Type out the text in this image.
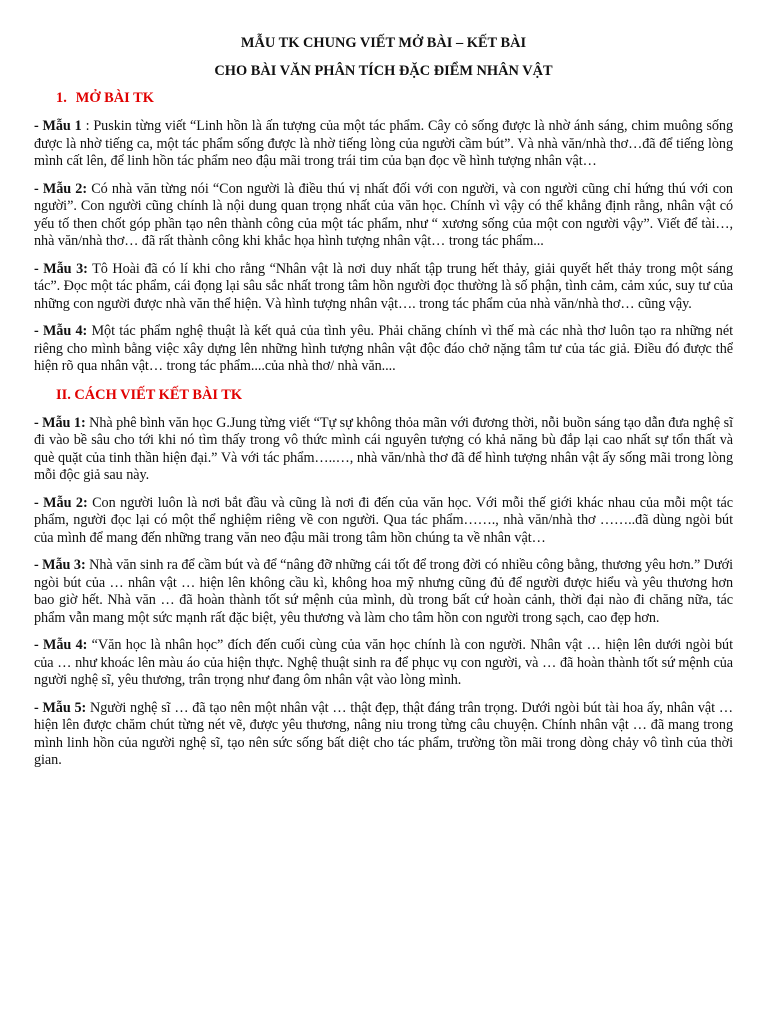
MẪU TK CHUNG VIẾT MỞ BÀI – KẾT BÀI

CHO BÀI VĂN PHÂN TÍCH ĐẶC ĐIỂM NHÂN VẬT

1. MỞ BÀI TK

- Mẫu 1 : Puskin từng viết “Linh hồn là ấn tượng của một tác phẩm. Cây cỏ sống được là nhờ ánh sáng, chim muông sống được là nhờ tiếng ca, một tác phẩm sống được là nhờ tiếng lòng của người cầm bút”. Và nhà văn/nhà thơ…đã để tiếng lòng mình cất lên, để linh hồn tác phẩm neo đậu mãi trong trái tim của bạn đọc về hình tượng nhân vật…

- Mẫu 2: Có nhà văn từng nói “Con người là điều thú vị nhất đối với con người, và con người cũng chỉ hứng thú với con người”. Con người cũng chính là nội dung quan trọng nhất của văn học. Chính vì vậy có thể khẳng định rằng, nhân vật có yếu tố then chốt góp phần tạo nên thành công của một tác phẩm, như “ xương sống của một con người vậy”. Viết để tài…, nhà văn/nhà thơ… đã rất thành công khi khắc họa hình tượng nhân vật… trong tác phẩm...

- Mẫu 3: Tô Hoài đã có lí khi cho rằng “Nhân vật là nơi duy nhất tập trung hết thảy, giải quyết hết thảy trong một sáng tác”. Đọc một tác phẩm, cái đọng lại sâu sắc nhất trong tâm hồn người đọc thường là số phận, tình cảm, cảm xúc, suy tư của những con người được nhà văn thể hiện. Và hình tượng nhân vật…. trong tác phẩm của nhà văn/nhà thơ… cũng vậy.

- Mẫu 4: Một tác phẩm nghệ thuật là kết quả của tình yêu. Phải chăng chính vì thế mà các nhà thơ luôn tạo ra những nét riêng cho mình bằng việc xây dựng lên những hình tượng nhân vật độc đáo chở nặng tâm tư của tác giả. Điều đó được thể hiện rõ qua nhân vật… trong tác phẩm....của nhà thơ/ nhà văn....

II. CÁCH VIẾT KẾT BÀI TK

- Mẫu 1: Nhà phê bình văn học G.Jung từng viết “Tự sự không thỏa mãn với đương thời, nỗi buồn sáng tạo dẫn đưa nghệ sĩ đi vào bề sâu cho tới khi nó tìm thấy trong vô thức mình cái nguyên tượng có khả năng bù đắp lại cao nhất sự tổn thất và què quặt của tinh thần hiện đại.” Và với tác phẩm…..…, nhà văn/nhà thơ đã để hình tượng nhân vật ấy sống mãi trong lòng mỗi độc giả sau này.

- Mẫu 2: Con người luôn là nơi bắt đầu và cũng là nơi đi đến của văn học. Với mỗi thế giới khác nhau của mỗi một tác phẩm, người đọc lại có một thể nghiệm riêng về con người. Qua tác phẩm……., nhà văn/nhà thơ ……..đã dùng ngòi bút của mình để mang đến những trang văn neo đậu mãi trong tâm hồn chúng ta về nhân vật…

- Mẫu 3: Nhà văn sinh ra để cầm bút và để “nâng đỡ những cái tốt để trong đời có nhiều công bằng, thương yêu hơn.” Dưới ngòi bút của … nhân vật … hiện lên không cầu kì, không hoa mỹ nhưng cũng đủ để người được hiểu và yêu thương hơn bao giờ hết. Nhà văn … đã hoàn thành tốt sứ mệnh của mình, dù trong bất cứ hoàn cảnh, thời đại nào đi chăng nữa, tác phẩm vẫn mang một sức mạnh rất đặc biệt, yêu thương và làm cho tâm hồn con người trong sạch, cao đẹp hơn.

- Mẫu 4: “Văn học là nhân học” đích đến cuối cùng của văn học chính là con người. Nhân vật … hiện lên dưới ngòi bút của … như khoác lên màu áo của hiện thực. Nghệ thuật sinh ra để phục vụ con người, và … đã hoàn thành tốt sứ mệnh của người nghệ sĩ, yêu thương, trân trọng như đang ôm nhân vật vào lòng mình.

- Mẫu 5: Người nghệ sĩ … đã tạo nên một nhân vật … thật đẹp, thật đáng trân trọng. Dưới ngòi bút tài hoa ấy, nhân vật … hiện lên được chăm chút từng nét vẽ, được yêu thương, nâng niu trong từng câu chuyện. Chính nhân vật … đã mang trong mình linh hồn của người nghệ sĩ, tạo nên sức sống bất diệt cho tác phẩm, trường tồn mãi trong dòng chảy vô tình của thời gian.
